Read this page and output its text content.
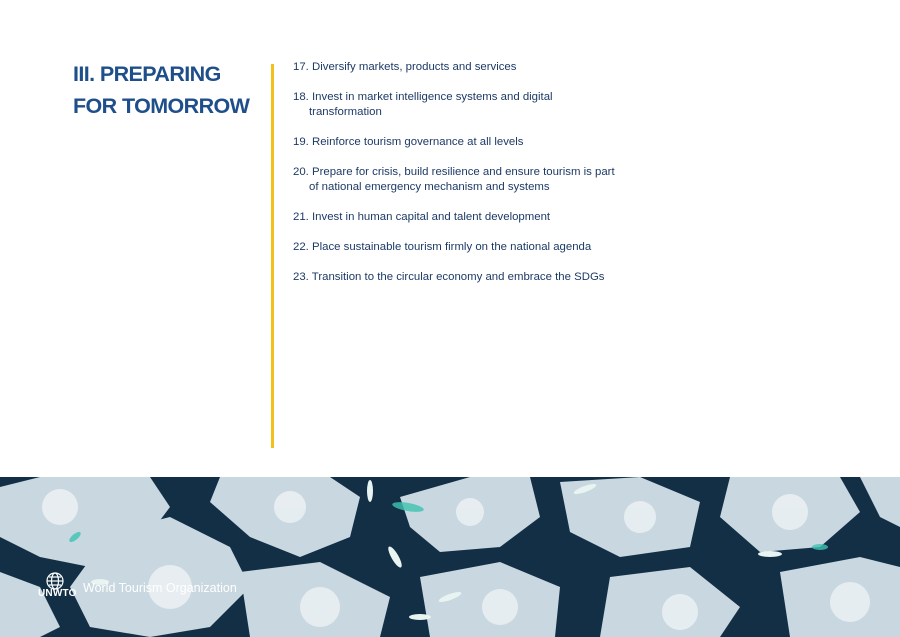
III. PREPARING
FOR TOMORROW
17. Diversify markets, products and services
18. Invest in market intelligence systems and digital transformation
19. Reinforce tourism governance at all levels
20. Prepare for crisis, build resilience and ensure tourism is part of national emergency mechanism and systems
21. Invest in human capital and talent development
22. Place sustainable tourism firmly on the national agenda
23. Transition to the circular economy and embrace the SDGs
UNWTO World Tourism Organization
